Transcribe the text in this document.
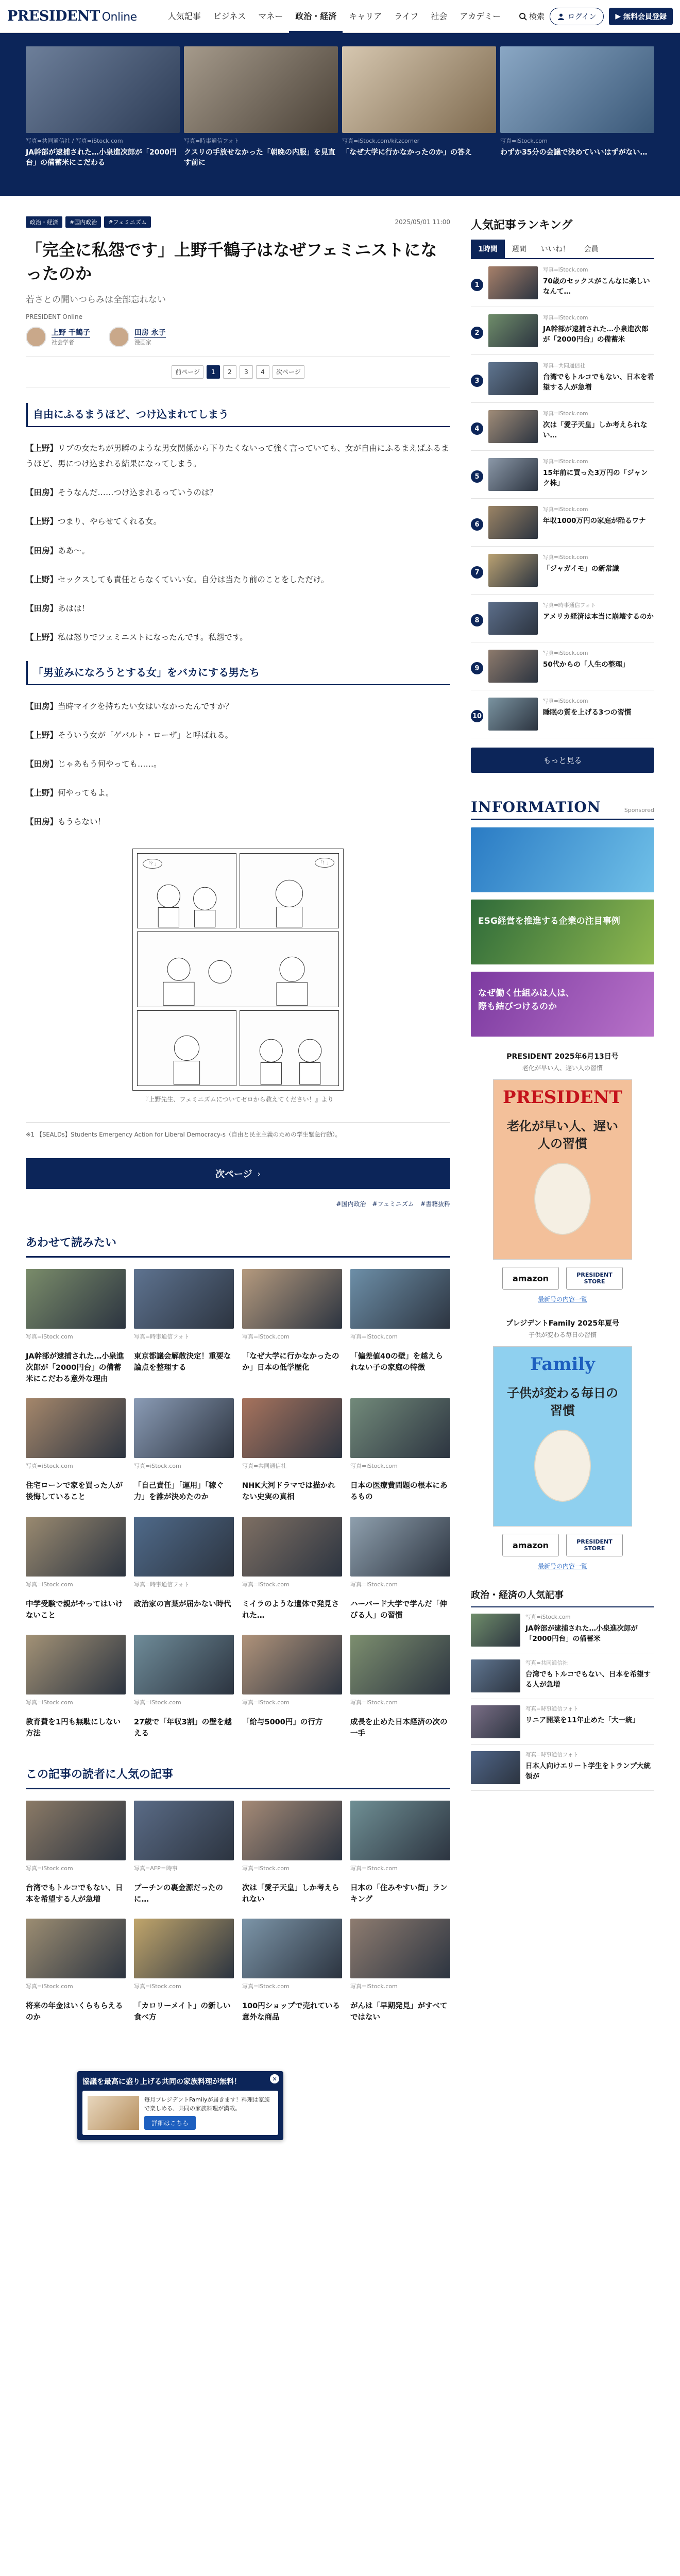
PRESIDENT Online	人気記事	ビジネス	マネー	政治・経済	キャリア	ライフ	社会	アカデミー	検索	ログイン	▶ 無料会員登録
写真=共同通信社 / 写真=iStock.com
JA幹部が逮捕された…小泉進次郎が「2000円台」の備蓄米にこだわる
写真=時事通信フォト
クスリの手放せなかった「朝晩の内服」を見直す前に
写真=iStock.com/kitzcorner
「なぜ大学に行かなかったのか」の答え
写真=iStock.com
わずか35分の会議で決めていいはずがない…
政治・経済	#国内政治	#フェミニズム	2025/05/01 11:00
「完全に私怨です」上野千鶴子はなぜフェミニストになったのか
若さとの闘いつらみは全部忘れない
PRESIDENT Online
上野 千鶴子
社会学者
田房 永子
漫画家
前ページ	1	2	3	4	次ページ
自由にふるまうほど、つけ込まれてしまう

【上野】リブの女たちが男瞬のような男女関係から下りたくないって強く言っていても、女が自由にふるまえばふるまうほど、男につけ込まれる結果になってしまう。

【田房】そうなんだ……つけ込まれるっていうのは？

【上野】つまり、やらせてくれる女。

【田房】ああ〜。

【上野】セックスしても責任とらなくていい女。自分は当たり前のことをしただけ。

【田房】あはは！

【上野】私は怒りでフェミニストになったんです。私怨です。

「男並みになろうとする女」をバカにする男たち

【田房】当時マイクを持ちたい女はいなかったんですか？

【上野】そういう女が「ゲバルト・ローザ」と呼ばれる。

【田房】じゃあもう何やっても……。

【上野】何やってもよ。

【田房】もうらない！

「？」	「！」
『上野先生、フェミニズムについてゼロから教えてください！』より
※1 【SEALDs】Students Emergency Action for Liberal Democracy-s（自由と民主主義のための学生緊急行動）。
次ページ ›
#国内政治 #フェミニズム #書籍抜粋
あわせて読みたい
写真=iStock.com
JA幹部が逮捕された…小泉進次郎が「2000円台」の備蓄米にこだわる意外な理由
写真=時事通信フォト
東京都議会解散決定！重要な論点を整理する
写真=iStock.com
「なぜ大学に行かなかったのか」日本の低学歴化
写真=iStock.com
「偏差値40の壁」を越えられない子の家庭の特徴
写真=iStock.com
住宅ローンで家を買った人が後悔していること
写真=iStock.com
「自己責任」「運用」「稼ぐ力」を誰が決めたのか
写真=共同通信社
NHK大河ドラマでは描かれない史実の真相
写真=iStock.com
日本の医療費問題の根本にあるもの
写真=iStock.com
中学受験で親がやってはいけないこと
写真=時事通信フォト
政治家の言葉が届かない時代
写真=iStock.com
ミイラのような遺体で発見された…
写真=iStock.com
ハーバード大学で学んだ「伸びる人」の習慣
写真=iStock.com
教育費を1円も無駄にしない方法
写真=iStock.com
27歳で「年収3割」の壁を越える
写真=iStock.com
「給与5000円」の行方
写真=iStock.com
成長を止めた日本経済の次の一手
この記事の読者に人気の記事
写真=iStock.com
台湾でもトルコでもない、日本を希望する人が急増
写真=AFP＝時事
プーチンの裏金源だったのに…
写真=iStock.com
次は「愛子天皇」しか考えられない
写真=iStock.com
日本の「住みやすい街」ランキング
写真=iStock.com
将来の年金はいくらもらえるのか
写真=iStock.com
「カロリーメイト」の新しい食べ方
写真=iStock.com
100円ショップで売れている意外な商品
写真=iStock.com
がんは「早期発見」がすべてではない
人気記事ランキング
1時間	週間	いいね！	会員
1
写真=iStock.com
70歳のセックスがこんなに楽しいなんて…
2
写真=iStock.com
JA幹部が逮捕された…小泉進次郎が「2000円台」の備蓄米
3
写真=共同通信社
台湾でもトルコでもない、日本を希望する人が急増
4
写真=iStock.com
次は「愛子天皇」しか考えられない…
5
写真=iStock.com
15年前に買った3万円の「ジャンク株」
6
写真=iStock.com
年収1000万円の家庭が陥るワナ
7
写真=iStock.com
「ジャガイモ」の新常識
8
写真=時事通信フォト
アメリカ経済は本当に崩壊するのか
9
写真=iStock.com
50代からの「人生の整理」
10
写真=iStock.com
睡眠の質を上げる3つの習慣
もっと見る
INFORMATION	Sponsored
ESG経営を推進する企業の注目事例
なぜ働く仕組みは人は、
際も結びつけるのか
PRESIDENT 2025年6月13日号
老化が早い人、遅い人の習慣
PRESIDENT
老化が早い人、遅い人の習慣
amazon	PRESIDENT STORE
最新号の内容一覧
プレジデントFamily 2025年夏号
子供が変わる毎日の習慣
Family
子供が変わる毎日の習慣
amazon	PRESIDENT STORE
最新号の内容一覧
政治・経済の人気記事
写真=iStock.com
JA幹部が逮捕された…小泉進次郎が「2000円台」の備蓄米
写真=共同通信社
台湾でもトルコでもない、日本を希望する人が急増
写真=時事通信フォト
リニア開業を11年止めた「大一統」
写真=時事通信フォト
日本人向けエリート学生をトランプ大統領が
協議を最高に盛り上げる共同の家族料理が無料！	×
毎月プレジデントFamilyが届きます！料理は家族で楽しめる、共同の家族料理が満載。
詳細はこちら
